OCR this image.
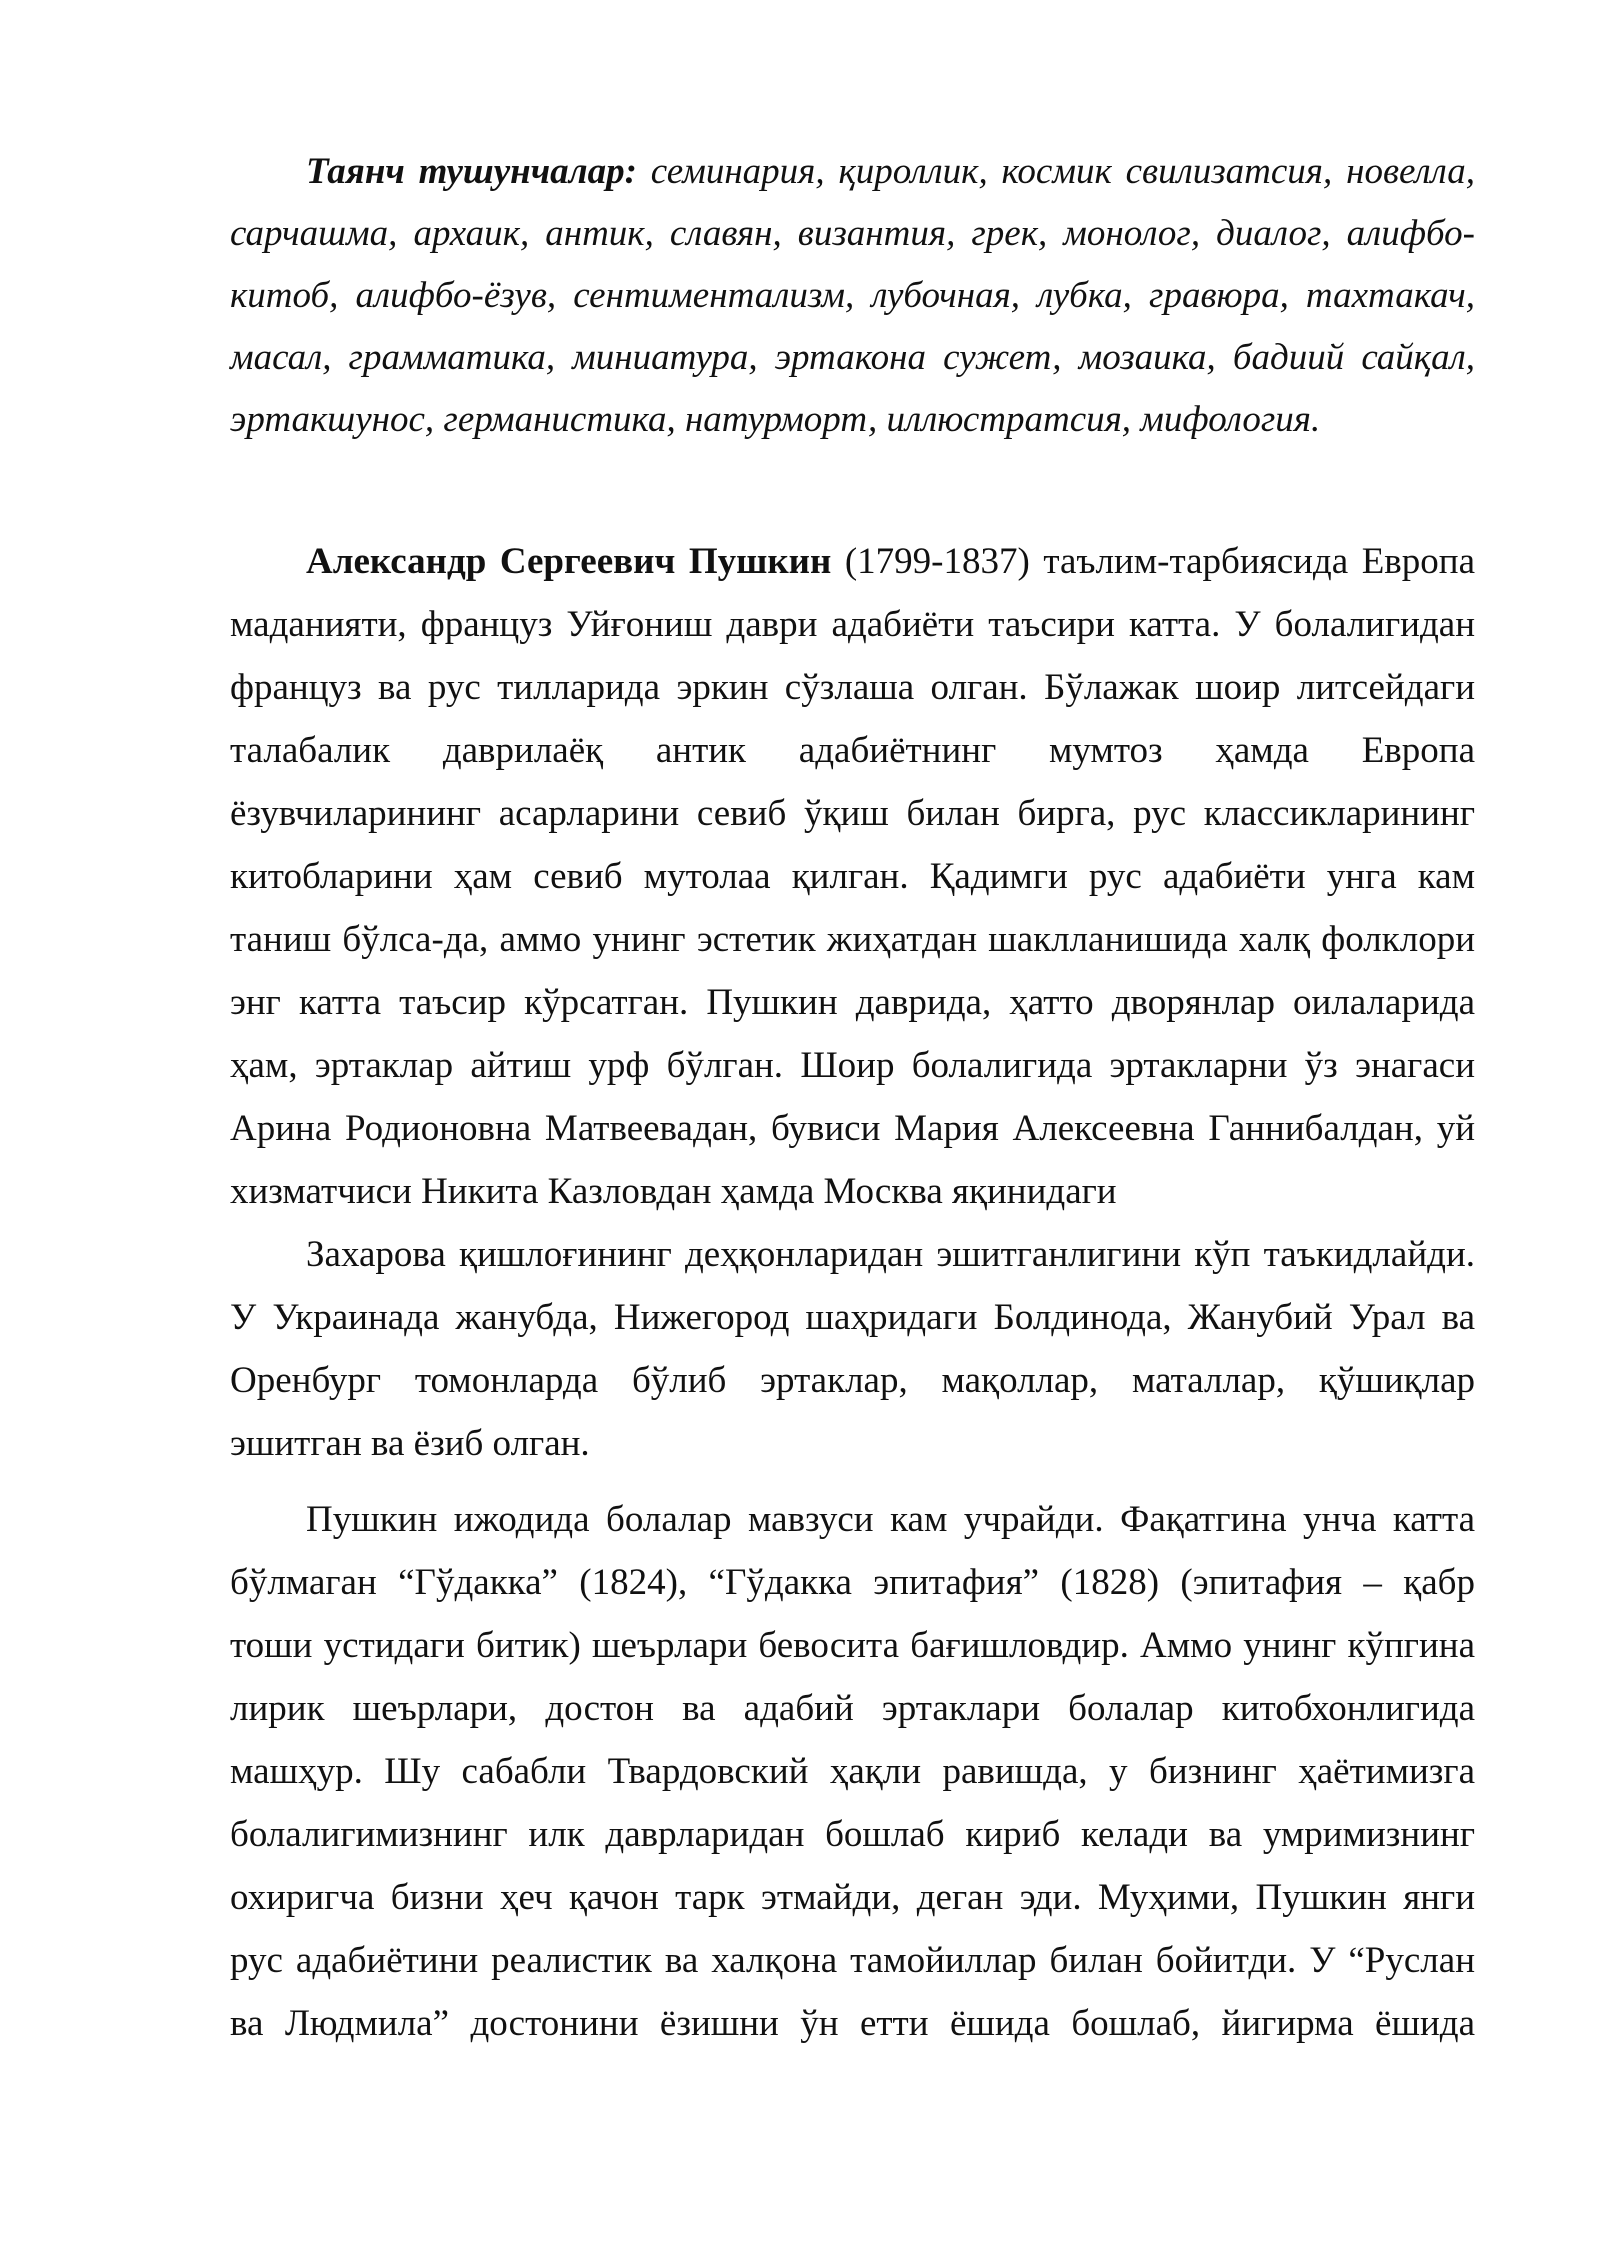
Таянч тушунчалар: семинария, қироллик, космик свилизатсия, новелла,
сарчашма, архаик, антик, славян, византия, грек, монолог, диалог, алифбо-
китоб, алифбо-ёзув, сентиментализм, лубочная, лубка, гравюра, тахтакач,
масал, грамматика, миниатура, эртакона сужет, мозаика, бадиий сайқал,
эртакшунос, германистика, натурморт, иллюстратсия, мифология.
Александр Сергеевич Пушкин (1799-1837) таълим-тарбиясида Европа
маданияти, француз Уйғониш даври адабиёти таъсири катта. У болалигидан
француз ва рус тилларида эркин сўзлаша олган. Бўлажак шоир литсейдаги
талабалик даврилаёқ антик адабиётнинг мумтоз ҳамда Европа
ёзувчиларининг асарларини севиб ўқиш билан бирга, рус классикларининг
китобларини ҳам севиб мутолаа қилган. Қадимги рус адабиёти унга кам
таниш бўлса-да, аммо унинг эстетик жиҳатдан шаклланишида халқ фолклори
энг катта таъсир кўрсатган. Пушкин даврида, ҳатто дворянлар оилаларида
ҳам, эртаклар айтиш урф бўлган. Шоир болалигида эртакларни ўз энагаси
Арина Родионовна Матвеевадан, бувиси Мария Алексеевна Ганнибалдан, уй
хизматчиси Никита Казловдан ҳамда Москва яқинидаги
Захарова қишлоғининг деҳқонларидан эшитганлигини кўп таъкидлайди.
У Украинада жанубда, Нижегород шаҳридаги Болдинода, Жанубий Урал ва
Оренбург томонларда бўлиб эртаклар, мақоллар, маталлар, қўшиқлар
эшитган ва ёзиб олган.
Пушкин ижодида болалар мавзуси кам учрайди. Фақатгина унча катта
бўлмаган “Гўдакка” (1824), “Гўдакка эпитафия” (1828) (эпитафия – қабр
тоши устидаги битик) шеърлари бевосита бағишловдир. Аммо унинг кўпгина
лирик шеърлари, достон ва адабий эртаклари болалар китобхонлигида
машҳур. Шу сабабли Твардовский ҳақли равишда, у бизнинг ҳаётимизга
болалигимизнинг илк даврларидан бошлаб кириб келади ва умримизнинг
охиригча бизни ҳеч қачон тарк этмайди, деган эди. Муҳими, Пушкин янги
рус адабиётини реалистик ва халқона тамойиллар билан бойитди. У “Руслан
ва Людмила” достонини ёзишни ўн етти ёшида бошлаб, йигирма ёшида
